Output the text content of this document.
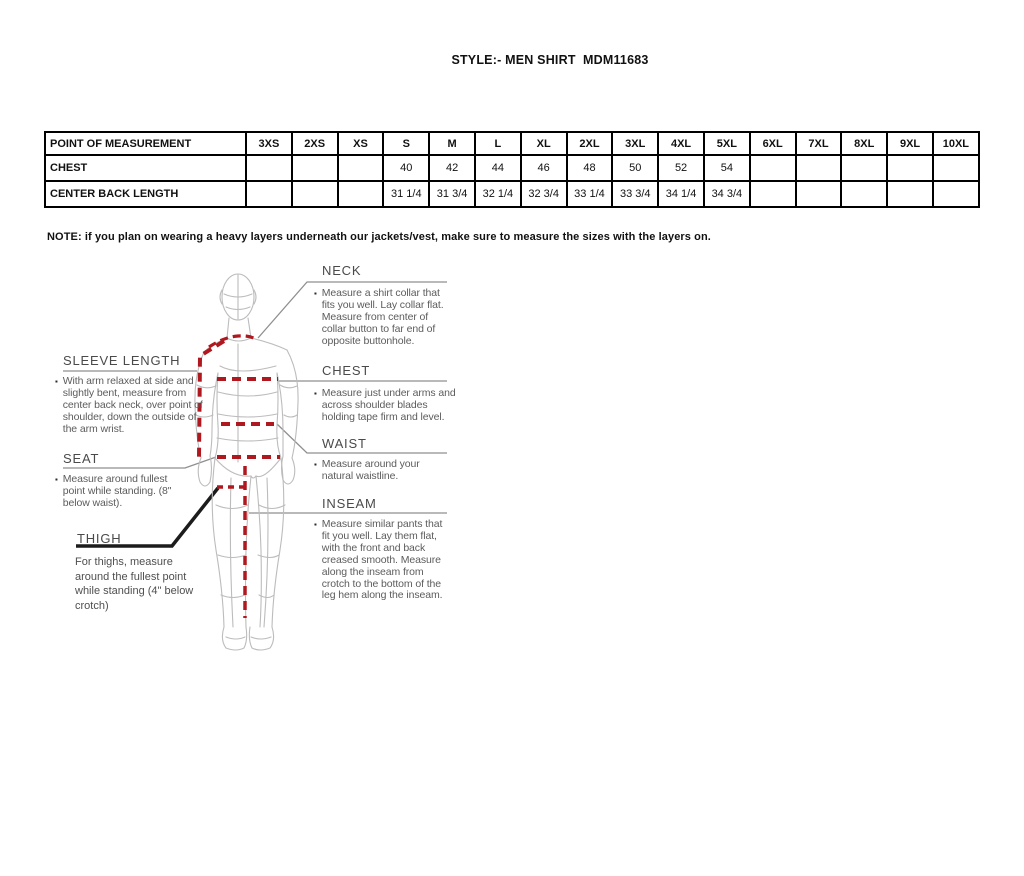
STYLE:- MEN SHIRT  MDM11683
POINT OF MEASUREMENT	3XS	2XS	XS	S	M	L	XL	2XL	3XL	4XL	5XL	6XL	7XL	8XL	9XL	10XL
CHEST				40	42	44	46	48	50	52	54					
CENTER BACK LENGTH				31 1/4	31 3/4	32 1/4	32 3/4	33 1/4	33 3/4	34 1/4	34 3/4					
NOTE: if you plan on wearing a heavy layers underneath our jackets/vest, make sure to measure the sizes with the layers on.
NECK
▪ Measure a shirt collar that fits you well. Lay collar flat. Measure from center of collar button to far end of opposite buttonhole.
CHEST
▪ Measure just under arms and across shoulder blades holding tape firm and level.
WAIST
▪ Measure around your natural waistline.
INSEAM
▪ Measure similar pants that fit you well. Lay them flat, with the front and back creased smooth. Measure along the inseam from crotch to the bottom of the leg hem along the inseam.
SLEEVE LENGTH
▪ With arm relaxed at side and slightly bent, measure from center back neck, over point of shoulder, down the outside of the arm wrist.
SEAT
▪ Measure around fullest point while standing. (8" below waist).
THIGH
For thighs, measure around the fullest point while standing (4" below crotch)
